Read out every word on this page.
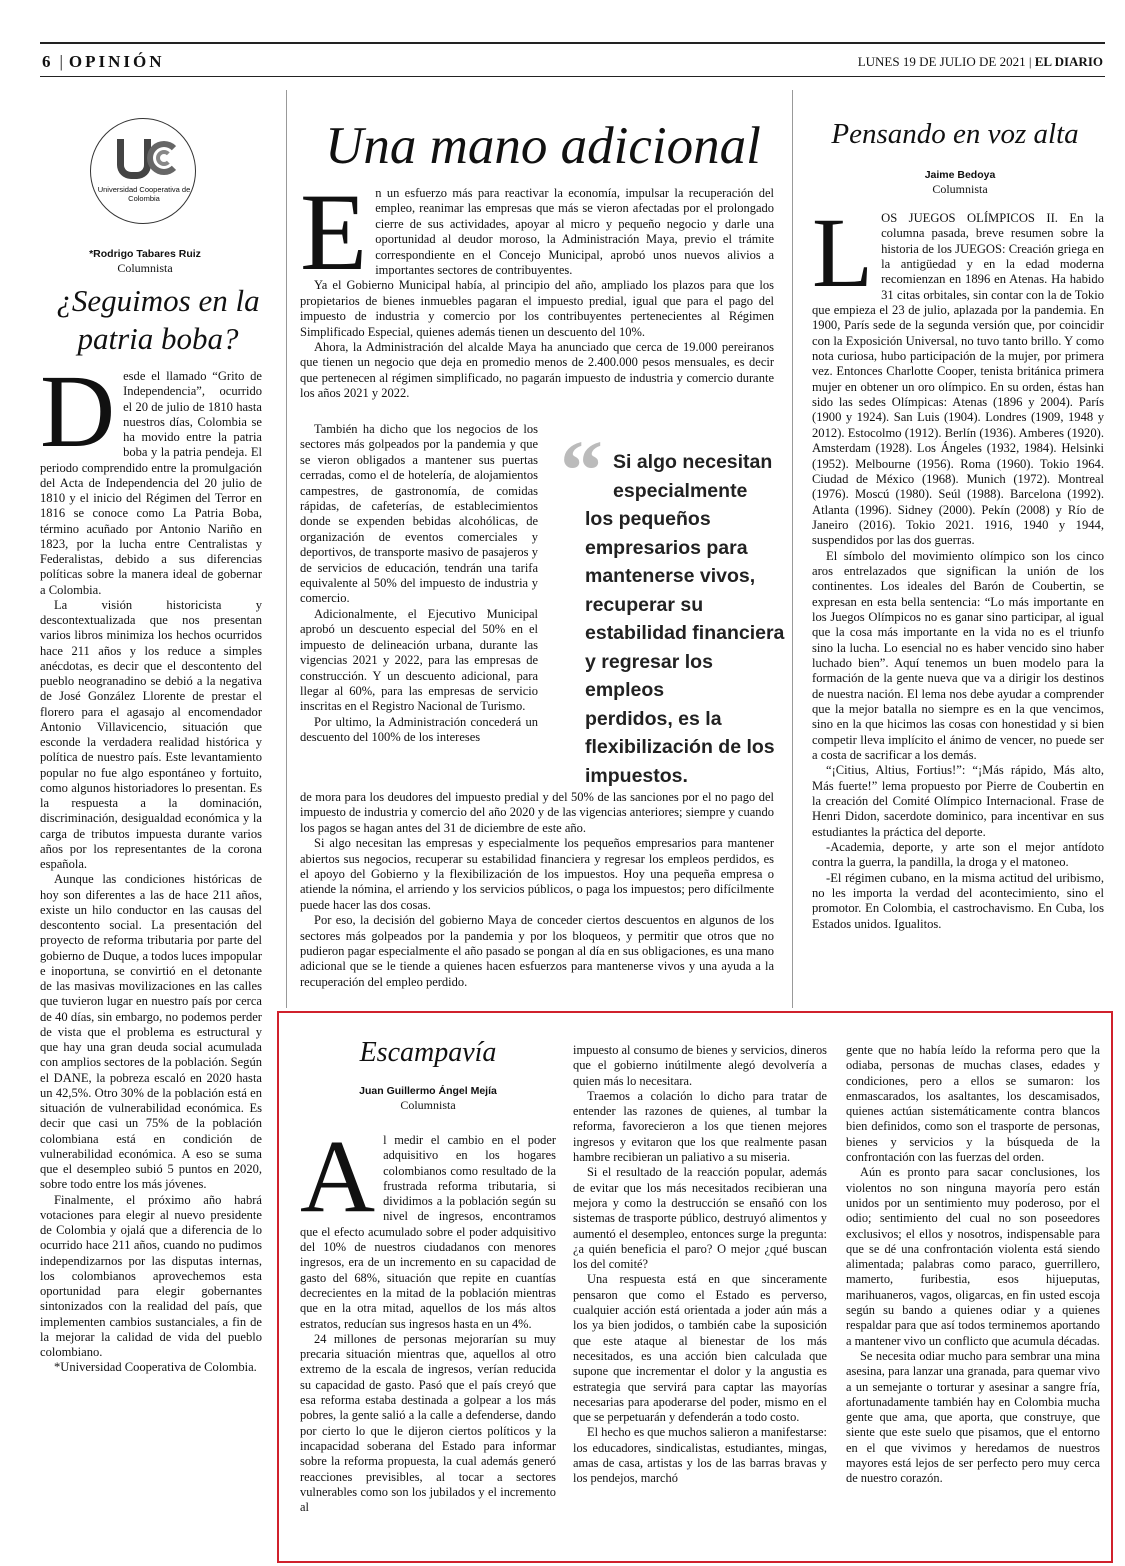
6 | OPINIÓN	LUNES 19 DE JULIO DE 2021 | EL DIARIO
Universidad Cooperativa de Colombia
*Rodrigo Tabares Ruiz
Columnista
¿Seguimos en la
patria boba?
D esde el llamado “Grito de Independencia”, ocurrido el 20 de julio de 1810 hasta nuestros días, Colombia se ha movido entre la patria boba y la patria pendeja. El periodo comprendido entre la promulgación del Acta de Independencia del 20 julio de 1810 y el inicio del Régimen del Terror en 1816 se conoce como La Patria Boba, término acuñado por Antonio Nariño en 1823, por la lucha entre Centralistas y Federalistas, debido a sus diferencias políticas sobre la manera ideal de gobernar a Colombia.

La visión historicista y descontextualizada que nos presentan varios libros minimiza los hechos ocurridos hace 211 años y los reduce a simples anécdotas, es decir que el descontento del pueblo neogranadino se debió a la negativa de José González Llorente de prestar el florero para el agasajo al encomendador Antonio Villavicencio, situación que esconde la verdadera realidad histórica y política de nuestro país. Este levantamiento popular no fue algo espontáneo y fortuito, como algunos historiadores lo presentan. Es la respuesta a la dominación, discriminación, desigualdad económica y la carga de tributos impuesta durante varios años por los representantes de la corona española.

Aunque las condiciones históricas de hoy son diferentes a las de hace 211 años, existe un hilo conductor en las causas del descontento social. La presentación del proyecto de reforma tributaria por parte del gobierno de Duque, a todos luces impopular e inoportuna, se convirtió en el detonante de las masivas movilizaciones en las calles que tuvieron lugar en nuestro país por cerca de 40 días, sin embargo, no podemos perder de vista que el problema es estructural y que hay una gran deuda social acumulada con amplios sectores de la población. Según el DANE, la pobreza escaló en 2020 hasta un 42,5%. Otro 30% de la población está en situación de vulnerabilidad económica. Es decir que casi un 75% de la población colombiana está en condición de vulnerabilidad económica. A eso se suma que el desempleo subió 5 puntos en 2020, sobre todo entre los más jóvenes.

Finalmente, el próximo año habrá votaciones para elegir al nuevo presidente de Colombia y ojalá que a diferencia de lo ocurrido hace 211 años, cuando no pudimos independizarnos por las disputas internas, los colombianos aprovechemos esta oportunidad para elegir gobernantes sintonizados con la realidad del país, que implementen cambios sustanciales, a fin de la mejorar la calidad de vida del pueblo colombiano.

*Universidad Cooperativa de Colombia.

Una mano adicional
E n un esfuerzo más para reactivar la economía, impulsar la recuperación del empleo, reanimar las empresas que más se vieron afectadas por el prolongado cierre de sus actividades, apoyar al micro y pequeño negocio y darle una oportunidad al deudor moroso, la Administración Maya, previo el trámite correspondiente en el Concejo Municipal, aprobó unos nuevos alivios a importantes sectores de contribuyentes.

Ya el Gobierno Municipal había, al principio del año, ampliado los plazos para que los propietarios de bienes inmuebles pagaran el impuesto predial, igual que para el pago del impuesto de industria y comercio por los contribuyentes pertenecientes al Régimen Simplificado Especial, quienes además tienen un descuento del 10%.

Ahora, la Administración del alcalde Maya ha anunciado que cerca de 19.000 pereiranos que tienen un negocio que deja en promedio menos de 2.400.000 pesos mensuales, es decir que pertenecen al régimen simplificado, no pagarán impuesto de industria y comercio durante los años 2021 y 2022.

También ha dicho que los negocios de los sectores más golpeados por la pandemia y que se vieron obligados a mantener sus puertas cerradas, como el de hotelería, de alojamientos campestres, de gastronomía, de comidas rápidas, de cafeterías, de establecimientos donde se expenden bebidas alcohólicas, de organización de eventos comerciales y deportivos, de transporte masivo de pasajeros y de servicios de educación, tendrán una tarifa equivalente al 50% del impuesto de industria y comercio.

Adicionalmente, el Ejecutivo Municipal aprobó un descuento especial del 50% en el impuesto de delineación urbana, durante las vigencias 2021 y 2022, para las empresas de construcción. Y un descuento adicional, para llegar al 60%, para las empresas de servicio inscritas en el Registro Nacional de Turismo.

Por ultimo, la Administración concederá un descuento del 100% de los intereses

“ Si algo necesitan
especialmente
los pequeños
empresarios para
mantenerse vivos,
recuperar su
estabilidad financiera
y regresar los empleos
perdidos, es la
flexibilización de los
impuestos.

de mora para los deudores del impuesto predial y del 50% de las sanciones por el no pago del impuesto de industria y comercio del año 2020 y de las vigencias anteriores; siempre y cuando los pagos se hagan antes del 31 de diciembre de este año.

Si algo necesitan las empresas y especialmente los pequeños empresarios para mantener abiertos sus negocios, recuperar su estabilidad financiera y regresar los empleos perdidos, es el apoyo del Gobierno y la flexibilización de los impuestos. Hoy una pequeña empresa o atiende la nómina, el arriendo y los servicios públicos, o paga los impuestos; pero difícilmente puede hacer las dos cosas.

Por eso, la decisión del gobierno Maya de conceder ciertos descuentos en algunos de los sectores más golpeados por la pandemia y por los bloqueos, y permitir que otros que no pudieron pagar especialmente el año pasado se pongan al día en sus obligaciones, es una mano adicional que se le tiende a quienes hacen esfuerzos para mantenerse vivos y una ayuda a la recuperación del empleo perdido.

Pensando en voz alta
Jaime Bedoya
Columnista
L OS JUEGOS OLÍMPICOS II. En la columna pasada, breve resumen sobre la historia de los JUEGOS: Creación griega en la antigüedad y en la edad moderna recomienzan en 1896 en Atenas. Ha habido 31 citas orbitales, sin contar con la de Tokio que empieza el 23 de julio, aplazada por la pandemia. En 1900, París sede de la segunda versión que, por coincidir con la Exposición Universal, no tuvo tanto brillo. Y como nota curiosa, hubo participación de la mujer, por primera vez. Entonces Charlotte Cooper, tenista británica primera mujer en obtener un oro olímpico. En su orden, éstas han sido las sedes Olímpicas: Atenas (1896 y 2004). París (1900 y 1924). San Luis (1904). Londres (1909, 1948 y 2012). Estocolmo (1912). Berlín (1936). Amberes (1920). Amsterdam (1928). Los Ángeles (1932, 1984). Helsinki (1952). Melbourne (1956). Roma (1960). Tokio 1964. Ciudad de México (1968). Munich (1972). Montreal (1976). Moscú (1980). Seúl (1988). Barcelona (1992). Atlanta (1996). Sidney (2000). Pekín (2008) y Río de Janeiro (2016). Tokio 2021. 1916, 1940 y 1944, suspendidos por las dos guerras.

El símbolo del movimiento olímpico son los cinco aros entrelazados que significan la unión de los continentes. Los ideales del Barón de Coubertin, se expresan en esta bella sentencia: “Lo más importante en los Juegos Olímpicos no es ganar sino participar, al igual que la cosa más importante en la vida no es el triunfo sino la lucha. Lo esencial no es haber vencido sino haber luchado bien”. Aquí tenemos un buen modelo para la formación de la gente nueva que va a dirigir los destinos de nuestra nación. El lema nos debe ayudar a comprender que la mejor batalla no siempre es en la que vencimos, sino en la que hicimos las cosas con honestidad y si bien competir lleva implícito el ánimo de vencer, no puede ser a costa de sacrificar a los demás.

“¡Citius, Altius, Fortius!”: “¡Más rápido, Más alto, Más fuerte!” lema propuesto por Pierre de Coubertin en la creación del Comité Olímpico Internacional. Frase de Henri Didon, sacerdote dominico, para incentivar en sus estudiantes la práctica del deporte.

-Academia, deporte, y arte son el mejor antídoto contra la guerra, la pandilla, la droga y el matoneo.

-El régimen cubano, en la misma actitud del uribismo, no les importa la verdad del acontecimiento, sino el promotor. En Colombia, el castrochavismo. En Cuba, los Estados unidos. Igualitos.

Escampavía
Juan Guillermo Ángel Mejía
Columnista
A l medir el cambio en el poder adquisitivo en los hogares colombianos como resultado de la frustrada reforma tributaria, si dividimos a la población según su nivel de ingresos, encontramos que el efecto acumulado sobre el poder adquisitivo del 10% de nuestros ciudadanos con menores ingresos, era de un incremento en su capacidad de gasto del 68%, situación que repite en cuantías decrecientes en la mitad de la población mientras que en la otra mitad, aquellos de los más altos estratos, reducían sus ingresos hasta en un 4%.

24 millones de personas mejorarían su muy precaria situación mientras que, aquellos al otro extremo de la escala de ingresos, verían reducida su capacidad de gasto. Pasó que el país creyó que esa reforma estaba destinada a golpear a los más pobres, la gente salió a la calle a defenderse, dando por cierto lo que le dijeron ciertos políticos y la incapacidad soberana del Estado para informar sobre la reforma propuesta, la cual además generó reacciones previsibles, al tocar a sectores vulnerables como son los jubilados y el incremento al

impuesto al consumo de bienes y servicios, dineros que el gobierno inútilmente alegó devolvería a quien más lo necesitara.

Traemos a colación lo dicho para tratar de entender las razones de quienes, al tumbar la reforma, favorecieron a los que tienen mejores ingresos y evitaron que los que realmente pasan hambre recibieran un paliativo a su miseria.

Si el resultado de la reacción popular, además de evitar que los más necesitados recibieran una mejora y como la destrucción se ensañó con los sistemas de trasporte público, destruyó alimentos y aumentó el desempleo, entonces surge la pregunta: ¿a quién beneficia el paro? O mejor ¿qué buscan los del comité?

Una respuesta está en que sinceramente pensaron que como el Estado es perverso, cualquier acción está orientada a joder aún más a los ya bien jodidos, o también cabe la suposición que este ataque al bienestar de los más necesitados, es una acción bien calculada que supone que incrementar el dolor y la angustia es estrategia que servirá para captar las mayorías necesarias para apoderarse del poder, mismo en el que se perpetuarán y defenderán a todo costo.

El hecho es que muchos salieron a manifestarse: los educadores, sindicalistas, estudiantes, mingas, amas de casa, artistas y los de las barras bravas y los pendejos, marchó

gente que no había leído la reforma pero que la odiaba, personas de muchas clases, edades y condiciones, pero a ellos se sumaron: los enmascarados, los asaltantes, los descamisados, quienes actúan sistemáticamente contra blancos bien definidos, como son el trasporte de personas, bienes y servicios y la búsqueda de la confrontación con las fuerzas del orden.

Aún es pronto para sacar conclusiones, los violentos no son ninguna mayoría pero están unidos por un sentimiento muy poderoso, por el odio; sentimiento del cual no son poseedores exclusivos; el ellos y nosotros, indispensable para que se dé una confrontación violenta está siendo alimentada; palabras como paraco, guerrillero, mamerto, furibestia, esos hijueputas, marihuaneros, vagos, oligarcas, en fin usted escoja según su bando a quienes odiar y a quienes respaldar para que así todos terminemos aportando a mantener vivo un conflicto que acumula décadas.

Se necesita odiar mucho para sembrar una mina asesina, para lanzar una granada, para quemar vivo a un semejante o torturar y asesinar a sangre fría, afortunadamente también hay en Colombia mucha gente que ama, que aporta, que construye, que siente que este suelo que pisamos, que el entorno en el que vivimos y heredamos de nuestros mayores está lejos de ser perfecto pero muy cerca de nuestro corazón.
